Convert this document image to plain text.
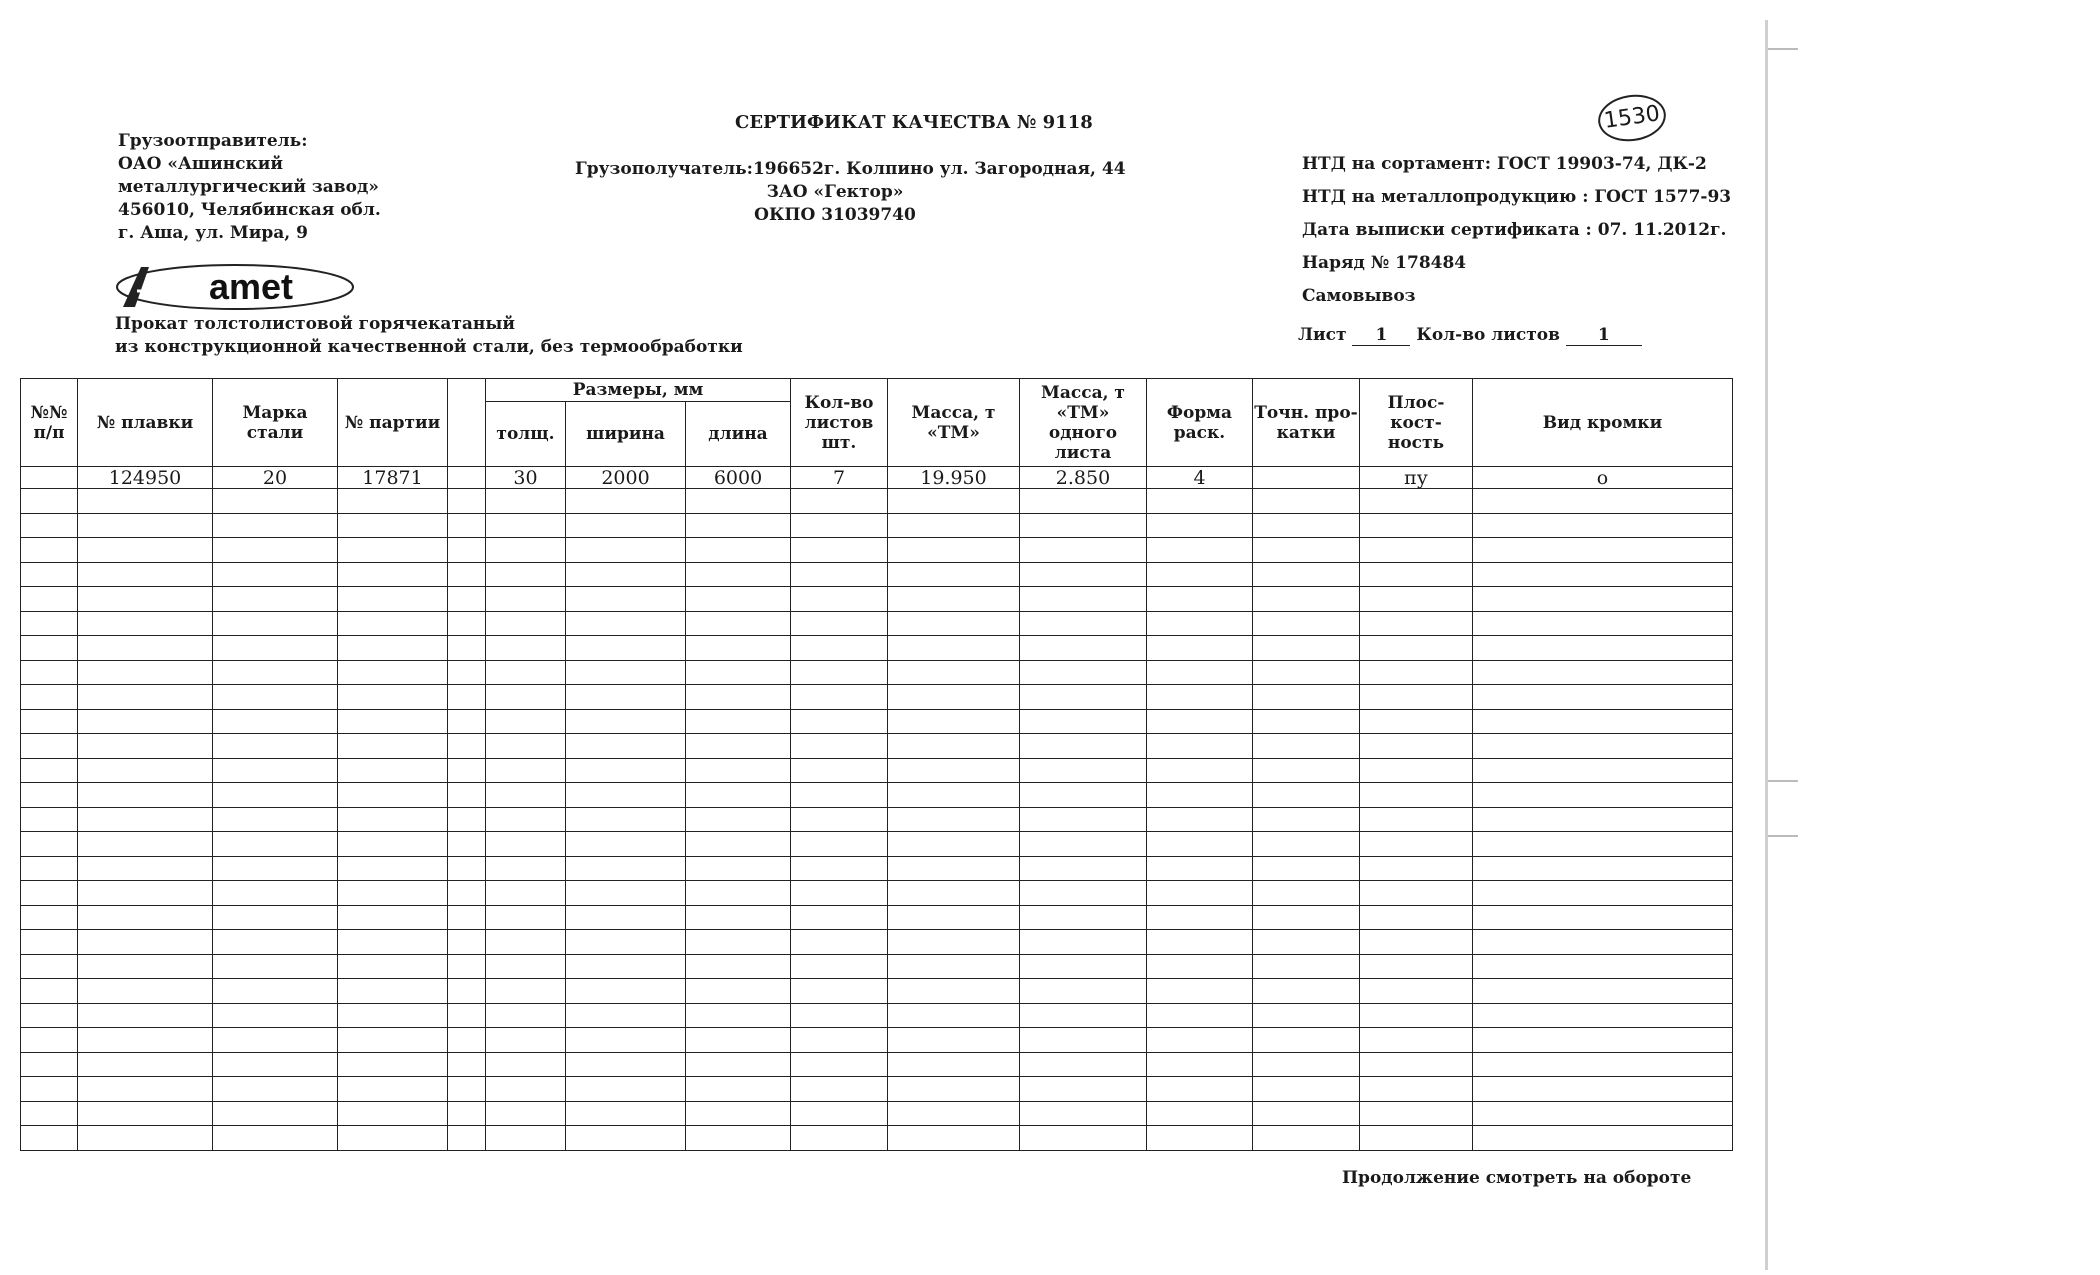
СЕРТИФИКАТ КАЧЕСТВА № 9118	1530
Грузоотправитель:
ОАО «Ашинский
металлургический завод»
456010, Челябинская обл.
г. Аша, ул. Мира, 9
amet
Грузополучатель:196652г. Колпино ул. Загородная, 44
ЗАО «Гектор»
ОКПО 31039740
НТД на сортамент: ГОСТ 19903-74, ДК-2
НТД на металлопродукцию : ГОСТ 1577-93
Дата выписки сертификата : 07. 11.2012г.
Наряд № 178484
Самовывоз
Лист 1 Кол-во листов 1
Прокат толстолистовой горячекатаный
из конструкционной качественной стали, без термообработки
№№ п/п	№ плавки	Марка стали	№ партии		Размеры, мм			Кол-во листов шт.	Масса, т «ТМ»	Масса, т «ТМ» одного листа	Форма раск.	Точн. про- катки	Плос- кост- ность	Вид кромки
					толщ.	ширина	длина							
	124950	20	17871		30	2000	6000	7	19.950	2.850	4		пу	о

Продолжение смотреть на обороте
